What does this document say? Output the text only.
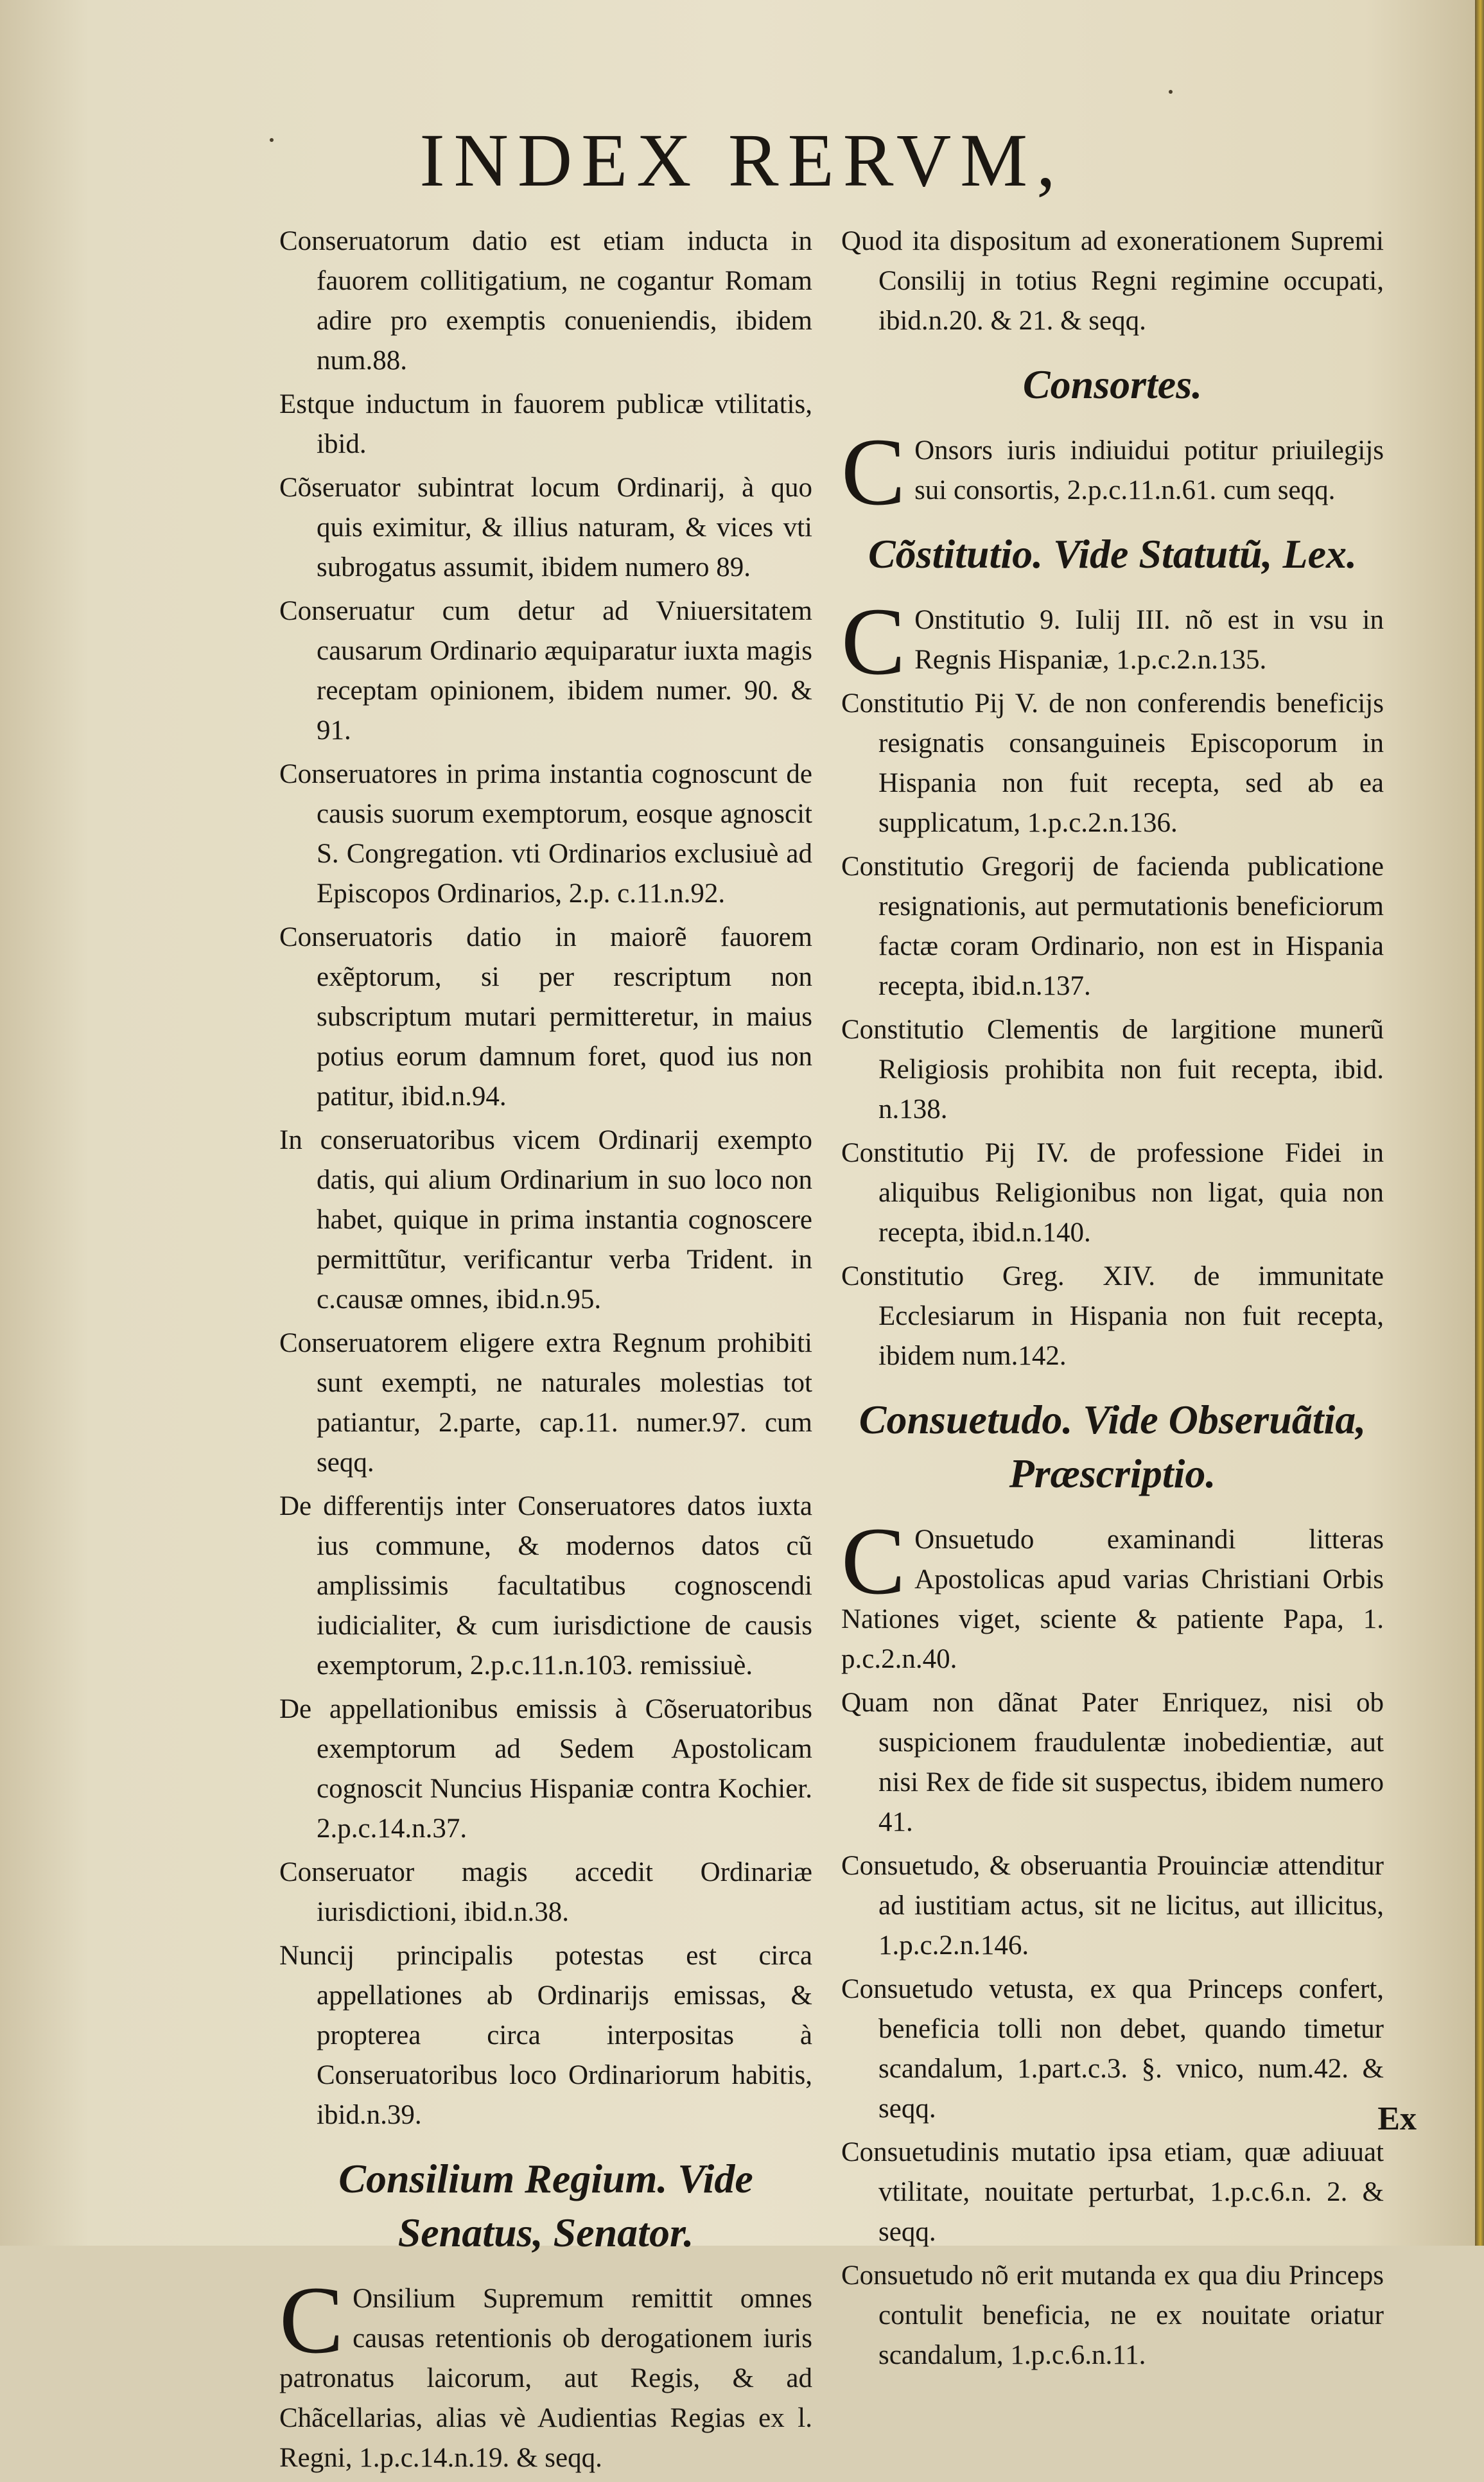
INDEX RERVM,

Conseruatorum datio est etiam inducta in fauorem collitigatium, ne cogantur Romam adire pro exemptis conueniendis, ibidem num.88.

Estque inductum in fauorem publicæ vtilitatis, ibid.

Cõseruator subintrat locum Ordinarij, à quo quis eximitur, & illius naturam, & vices vti subrogatus assumit, ibidem numero 89.

Conseruatur cum detur ad Vniuersitatem causarum Ordinario æquiparatur iuxta magis receptam opinionem, ibidem numer. 90. & 91.

Conseruatores in prima instantia cognoscunt de causis suorum exemptorum, eosque agnoscit S. Congregation. vti Ordinarios exclusiuè ad Episcopos Ordinarios, 2.p. c.11.n.92.

Conseruatoris datio in maiorẽ fauorem exẽptorum, si per rescriptum non subscriptum mutari permitteretur, in maius potius eorum damnum foret, quod ius non patitur, ibid.n.94.

In conseruatoribus vicem Ordinarij exempto datis, qui alium Ordinarium in suo loco non habet, quique in prima instantia cognoscere permittũtur, verificantur verba Trident. in c.causæ omnes, ibid.n.95.

Conseruatorem eligere extra Regnum prohibiti sunt exempti, ne naturales molestias tot patiantur, 2.parte, cap.11. numer.97. cum seqq.

De differentijs inter Conseruatores datos iuxta ius commune, & modernos datos cũ amplissimis facultatibus cognoscendi iudicialiter, & cum iurisdictione de causis exemptorum, 2.p.c.11.n.103. remissiuè.

De appellationibus emissis à Cõseruatoribus exemptorum ad Sedem Apostolicam cognoscit Nuncius Hispaniæ contra Kochier. 2.p.c.14.n.37.

Conseruator magis accedit Ordinariæ iurisdictioni, ibid.n.38.

Nuncij principalis potestas est circa appellationes ab Ordinarijs emissas, & propterea circa interpositas à Conseruatoribus loco Ordinariorum habitis, ibid.n.39.

Consilium Regium. Vide Senatus, Senator.

C Onsilium Supremum remittit omnes causas retentionis ob derogationem iuris patronatus laicorum, aut Regis, & ad Chãcellarias, alias vè Audientias Regias ex l. Regni, 1.p.c.14.n.19. & seqq.

Quod ita dispositum ad exonerationem Supremi Consilij in totius Regni regimine occupati, ibid.n.20. & 21. & seqq.

Consortes.

C Onsors iuris indiuidui potitur priuilegijs sui consortis, 2.p.c.11.n.61. cum seqq.

Cõstitutio. Vide Statutũ, Lex.

C Onstitutio 9. Iulij III. nõ est in vsu in Regnis Hispaniæ, 1.p.c.2.n.135.

Constitutio Pij V. de non conferendis beneficijs resignatis consanguineis Episcoporum in Hispania non fuit recepta, sed ab ea supplicatum, 1.p.c.2.n.136.

Constitutio Gregorij de facienda publicatione resignationis, aut permutationis beneficiorum factæ coram Ordinario, non est in Hispania recepta, ibid.n.137.

Constitutio Clementis de largitione munerũ Religiosis prohibita non fuit recepta, ibid. n.138.

Constitutio Pij IV. de professione Fidei in aliquibus Religionibus non ligat, quia non recepta, ibid.n.140.

Constitutio Greg. XIV. de immunitate Ecclesiarum in Hispania non fuit recepta, ibidem num.142.

Consuetudo. Vide Obseruãtia, Præscriptio.

C Onsuetudo examinandi litteras Apostolicas apud varias Christiani Orbis Nationes viget, sciente & patiente Papa, 1. p.c.2.n.40.

Quam non dãnat Pater Enriquez, nisi ob suspicionem fraudulentæ inobedientiæ, aut nisi Rex de fide sit suspectus, ibidem numero 41.

Consuetudo, & obseruantia Prouinciæ attenditur ad iustitiam actus, sit ne licitus, aut illicitus, 1.p.c.2.n.146.

Consuetudo vetusta, ex qua Princeps confert, beneficia tolli non debet, quando timetur scandalum, 1.part.c.3. §. vnico, num.42. & seqq.

Consuetudinis mutatio ipsa etiam, quæ adiuuat vtilitate, nouitate perturbat, 1.p.c.6.n. 2. & seqq.

Consuetudo nõ erit mutanda ex qua diu Princeps contulit beneficia, ne ex nouitate oriatur scandalum, 1.p.c.6.n.11.

Ex
